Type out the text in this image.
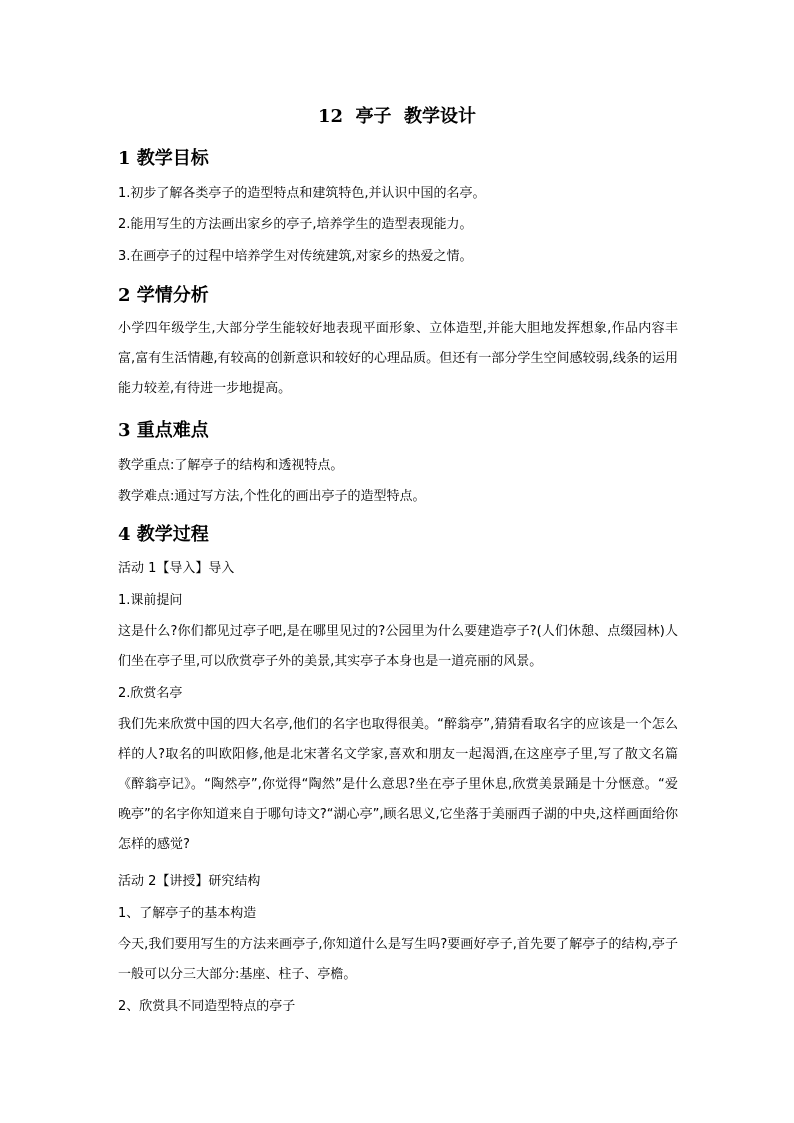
12  亭子  教学设计
1 教学目标

1.初步了解各类亭子的造型特点和建筑特色,并认识中国的名亭。

2.能用写生的方法画出家乡的亭子,培养学生的造型表现能力。

3.在画亭子的过程中培养学生对传统建筑,对家乡的热爱之情。

2 学情分析

小学四年级学生,大部分学生能较好地表现平面形象、立体造型,并能大胆地发挥想象,作品内容丰富,富有生活情趣,有较高的创新意识和较好的心理品质。但还有一部分学生空间感较弱,线条的运用能力较差,有待进一步地提高。

3 重点难点

教学重点:了解亭子的结构和透视特点。

教学难点:通过写方法,个性化的画出亭子的造型特点。

4 教学过程

活动 1【导入】导入

1.课前提问

这是什么?你们都见过亭子吧,是在哪里见过的?公园里为什么要建造亭子?(人们休憩、点缀园林)人们坐在亭子里,可以欣赏亭子外的美景,其实亭子本身也是一道亮丽的风景。

2.欣赏名亭

我们先来欣赏中国的四大名亭,他们的名字也取得很美。“醉翁亭”,猜猜看取名字的应该是一个怎么样的人?取名的叫欧阳修,他是北宋著名文学家,喜欢和朋友一起渴酒,在这座亭子里,写了散文名篇《醉翁亭记》。“陶然亭”,你觉得“陶然”是什么意思?坐在亭子里休息,欣赏美景踊是十分惬意。“爱晚亭”的名字你知道来自于哪句诗文?“湖心亭”,顾名思义,它坐落于美丽西子湖的中央,这样画面给你怎样的感觉?

活动 2【讲授】研究结构

1、了解亭子的基本构造

今天,我们要用写生的方法来画亭子,你知道什么是写生吗?要画好亭子,首先要了解亭子的结构,亭子一般可以分三大部分:基座、柱子、亭檐。

2、欣赏具不同造型特点的亭子
